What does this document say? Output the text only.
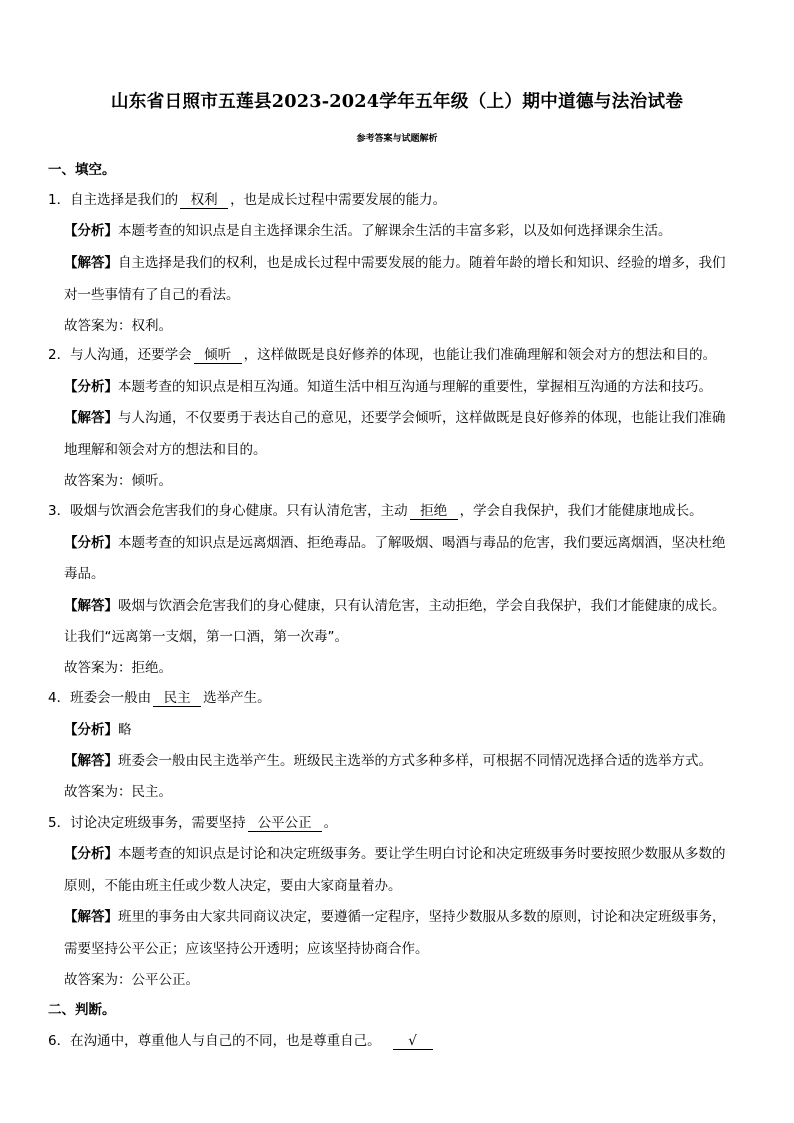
山东省日照市五莲县2023-2024学年五年级（上）期中道德与法治试卷
参考答案与试题解析
一、填空。
1．自主选择是我们的 权利 ，也是成长过程中需要发展的能力。
【分析】本题考查的知识点是自主选择课余生活。了解课余生活的丰富多彩，以及如何选择课余生活。
【解答】自主选择是我们的权利，也是成长过程中需要发展的能力。随着年龄的增长和知识、经验的增多，我们
对一些事情有了自己的看法。
故答案为：权利。
2．与人沟通，还要学会 倾听 ，这样做既是良好修养的体现，也能让我们准确理解和领会对方的想法和目的。
【分析】本题考查的知识点是相互沟通。知道生活中相互沟通与理解的重要性，掌握相互沟通的方法和技巧。
【解答】与人沟通，不仅要勇于表达自己的意见，还要学会倾听，这样做既是良好修养的体现，也能让我们准确
地理解和领会对方的想法和目的。
故答案为：倾听。
3．吸烟与饮酒会危害我们的身心健康。只有认清危害，主动 拒绝 ，学会自我保护，我们才能健康地成长。
【分析】本题考查的知识点是远离烟酒、拒绝毒品。了解吸烟、喝酒与毒品的危害，我们要远离烟酒，坚决杜绝
毒品。
【解答】吸烟与饮酒会危害我们的身心健康，只有认清危害，主动拒绝，学会自我保护，我们才能健康的成长。
让我们“远离第一支烟，第一口酒，第一次毒”。
故答案为：拒绝。
4．班委会一般由 民主 选举产生。
【分析】略
【解答】班委会一般由民主选举产生。班级民主选举的方式多种多样，可根据不同情况选择合适的选举方式。
故答案为：民主。
5．讨论决定班级事务，需要坚持 公平公正 。
【分析】本题考查的知识点是讨论和决定班级事务。要让学生明白讨论和决定班级事务时要按照少数服从多数的
原则，不能由班主任或少数人决定，要由大家商量着办。
【解答】班里的事务由大家共同商议决定，要遵循一定程序，坚持少数服从多数的原则，讨论和决定班级事务，
需要坚持公平公正；应该坚持公开透明；应该坚持协商合作。
故答案为：公平公正。
二、判断。
6．在沟通中，尊重他人与自己的不同，也是尊重自己。 √
